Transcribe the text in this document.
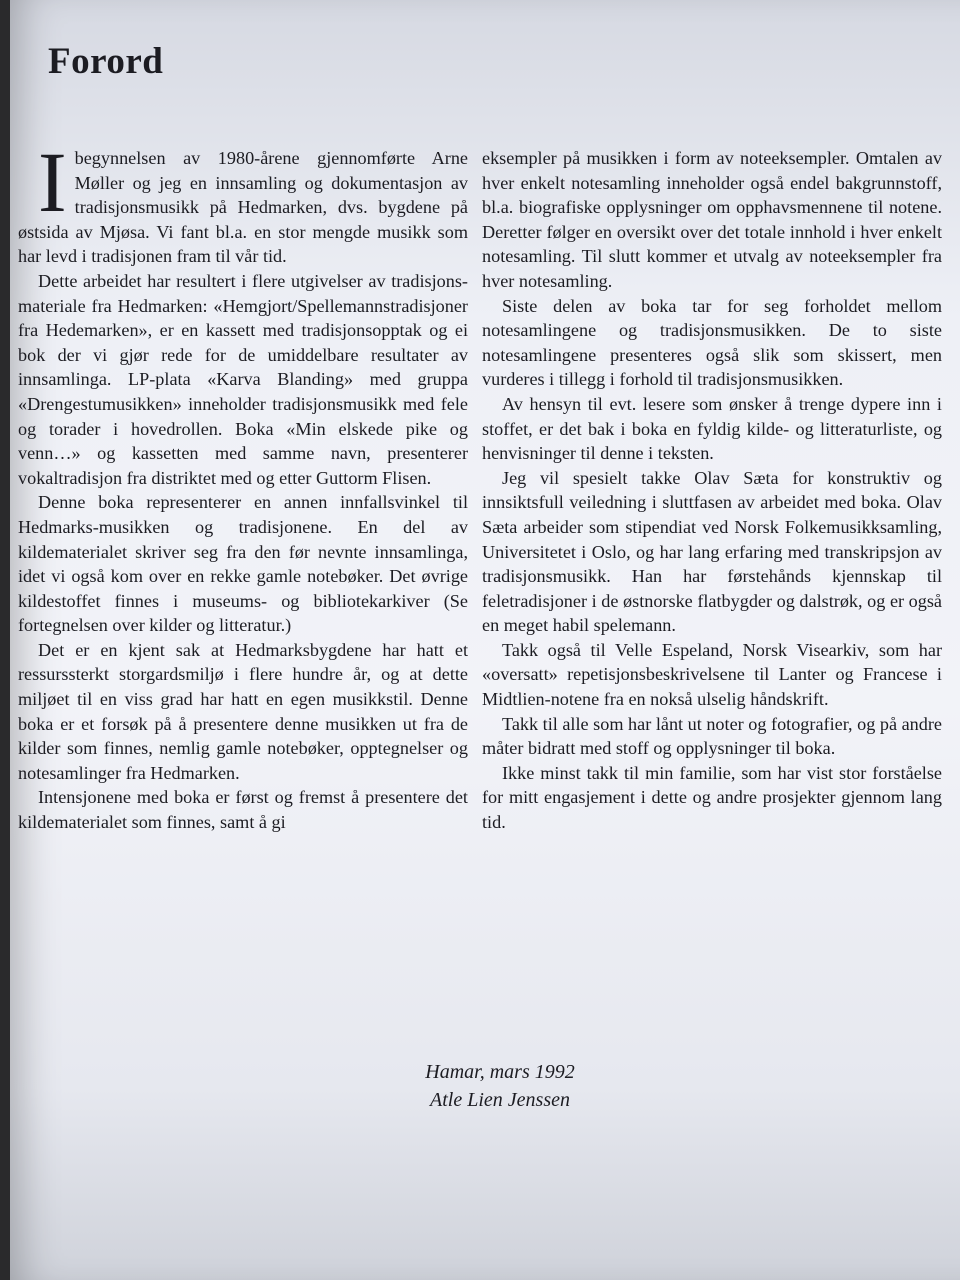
Forord

Ibegynnelsen av 1980-årene gjennomførte Arne Møller og jeg en innsamling og dokumentasjon av tradisjonsmusikk på Hedmarken, dvs. bygdene på østsida av Mjøsa. Vi fant bl.a. en stor mengde musikk som har levd i tradisjonen fram til vår tid.

Dette arbeidet har resultert i flere utgivelser av tradisjons-materiale fra Hedmarken: «Hemgjort/Spellemannstradisjoner fra Hedemarken», er en kassett med tradisjonsopptak og ei bok der vi gjør rede for de umiddelbare resultater av innsamlinga. LP-plata «Karva Blanding» med gruppa «Drengestumusikken» inneholder tradisjonsmusikk med fele og torader i hovedrollen. Boka «Min elskede pike og venn…» og kassetten med samme navn, presenterer vokaltradisjon fra distriktet med og etter Guttorm Flisen.

Denne boka representerer en annen innfallsvinkel til Hedmarks-musikken og tradisjonene. En del av kildematerialet skriver seg fra den før nevnte innsamlinga, idet vi også kom over en rekke gamle notebøker. Det øvrige kildestoffet finnes i museums- og bibliotekarkiver (Se fortegnelsen over kilder og litteratur.)

Det er en kjent sak at Hedmarksbygdene har hatt et ressurssterkt storgardsmiljø i flere hundre år, og at dette miljøet til en viss grad har hatt en egen musikkstil. Denne boka er et forsøk på å presentere denne musikken ut fra de kilder som finnes, nemlig gamle notebøker, opptegnelser og notesamlinger fra Hedmarken.

Intensjonene med boka er først og fremst å presentere det kildematerialet som finnes, samt å gi

eksempler på musikken i form av noteeksempler. Omtalen av hver enkelt notesamling inneholder også endel bakgrunnstoff, bl.a. biografiske opplysninger om opphavsmennene til notene. Deretter følger en oversikt over det totale innhold i hver enkelt notesamling. Til slutt kommer et utvalg av noteeksempler fra hver notesamling.

Siste delen av boka tar for seg forholdet mellom notesamlingene og tradisjonsmusikken. De to siste notesamlingene presenteres også slik som skissert, men vurderes i tillegg i forhold til tradisjonsmusikken.

Av hensyn til evt. lesere som ønsker å trenge dypere inn i stoffet, er det bak i boka en fyldig kilde- og litteraturliste, og henvisninger til denne i teksten.

Jeg vil spesielt takke Olav Sæta for konstruktiv og innsiktsfull veiledning i sluttfasen av arbeidet med boka. Olav Sæta arbeider som stipendiat ved Norsk Folkemusikksamling, Universitetet i Oslo, og har lang erfaring med transkripsjon av tradisjonsmusikk. Han har førstehånds kjennskap til feletradisjoner i de østnorske flatbygder og dalstrøk, og er også en meget habil spelemann.

Takk også til Velle Espeland, Norsk Visearkiv, som har «oversatt» repetisjonsbeskrivelsene til Lanter og Francese i Midtlien-notene fra en nokså ulselig håndskrift.

Takk til alle som har lånt ut noter og fotografier, og på andre måter bidratt med stoff og opplysninger til boka.

Ikke minst takk til min familie, som har vist stor forståelse for mitt engasjement i dette og andre prosjekter gjennom lang tid.

Hamar, mars 1992
Atle Lien Jenssen
